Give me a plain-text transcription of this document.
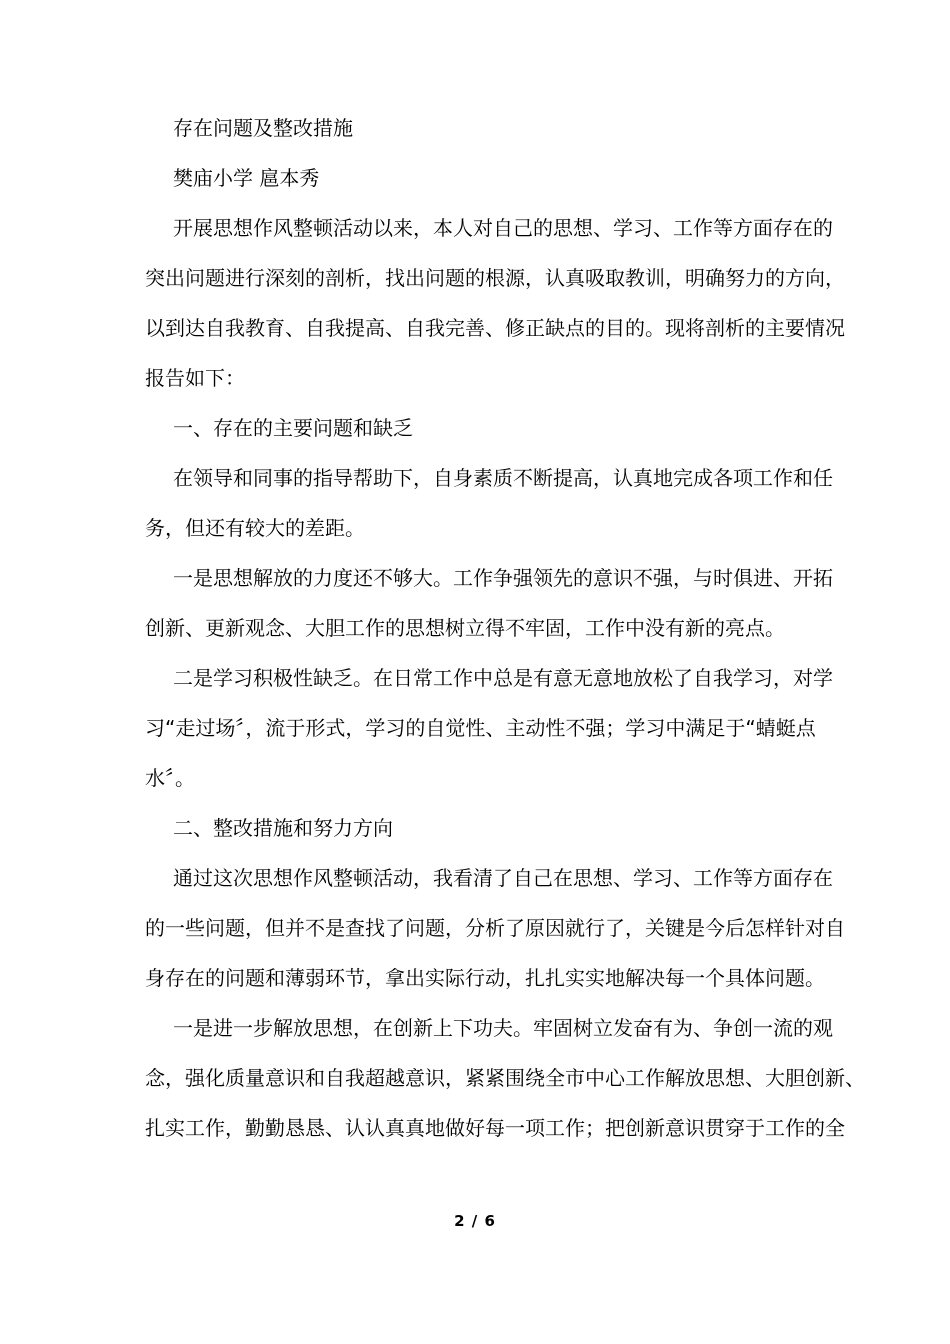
存在问题及整改措施

樊庙小学 扈本秀

开展思想作风整顿活动以来，本人对自己的思想、学习、工作等方面存在的

突出问题进行深刻的剖析，找出问题的根源，认真吸取教训，明确努力的方向，

以到达自我教育、自我提高、自我完善、修正缺点的目的。现将剖析的主要情况

报告如下：

一、存在的主要问题和缺乏

在领导和同事的指导帮助下，自身素质不断提高，认真地完成各项工作和任

务，但还有较大的差距。

一是思想解放的力度还不够大。工作争强领先的意识不强，与时俱进、开拓

创新、更新观念、大胆工作的思想树立得不牢固，工作中没有新的亮点。

二是学习积极性缺乏。在日常工作中总是有意无意地放松了自我学习，对学

习“走过场〞，流于形式，学习的自觉性、主动性不强；学习中满足于“蜻蜓点

水〞。

二、整改措施和努力方向

通过这次思想作风整顿活动，我看清了自己在思想、学习、工作等方面存在

的一些问题，但并不是查找了问题，分析了原因就行了，关键是今后怎样针对自

身存在的问题和薄弱环节，拿出实际行动，扎扎实实地解决每一个具体问题。

一是进一步解放思想，在创新上下功夫。牢固树立发奋有为、争创一流的观

念，强化质量意识和自我超越意识，紧紧围绕全市中心工作解放思想、大胆创新、

扎实工作，勤勤恳恳、认认真真地做好每一项工作；把创新意识贯穿于工作的全

2 / 6
